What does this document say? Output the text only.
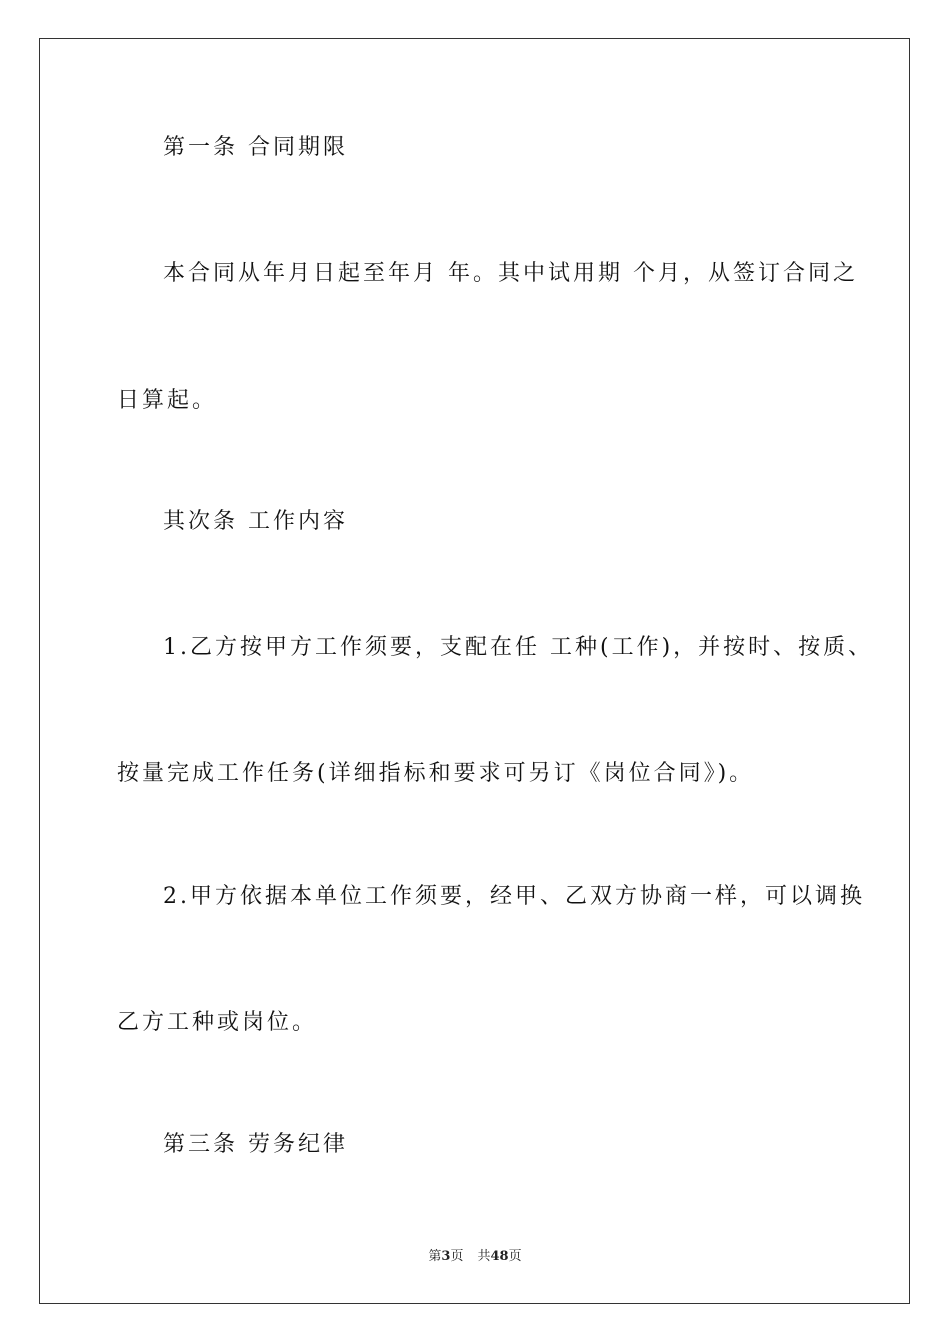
第一条 合同期限
本合同从年月日起至年月 年。其中试用期 个月，从签订合同之
日算起。
其次条 工作内容
1.乙方按甲方工作须要，支配在任 工种(工作)，并按时、按质、
按量完成工作任务(详细指标和要求可另订《岗位合同》)。
2.甲方依据本单位工作须要，经甲、乙双方协商一样，可以调换
乙方工种或岗位。
第三条 劳务纪律
第3页 共48页
